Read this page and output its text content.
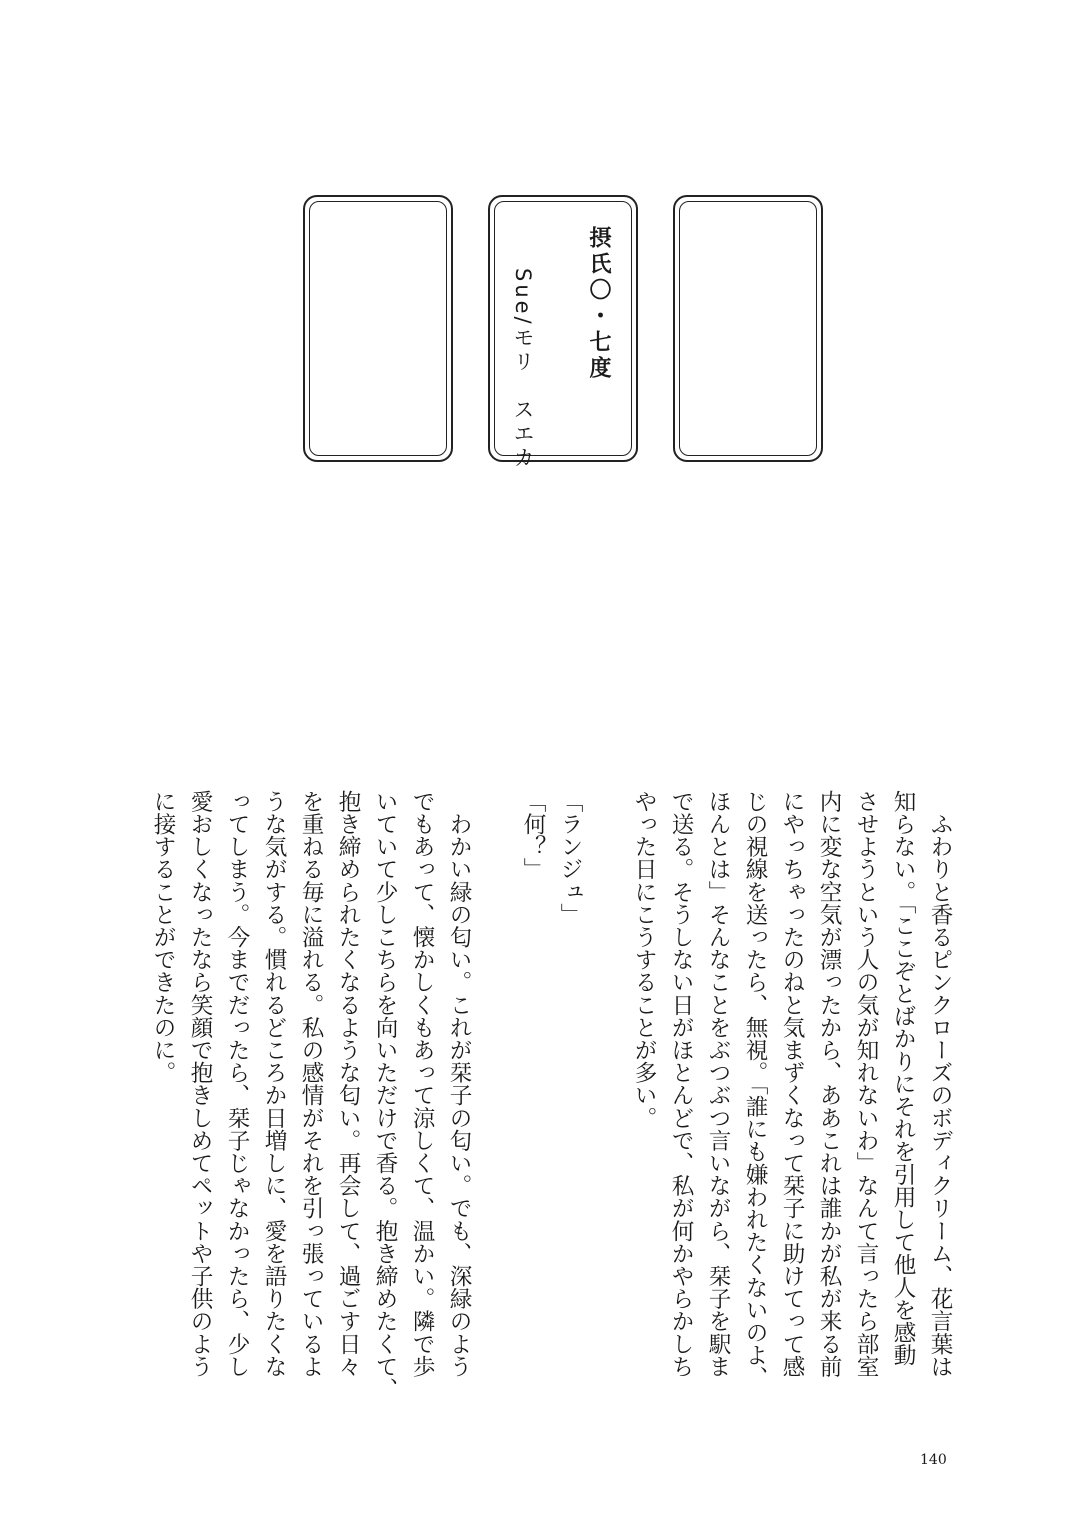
摂氏〇・七度
Sue/モリ　スエカ
　ふわりと香るピンクローズのボディクリーム、花言葉は
知らない。「ここぞとばかりにそれを引用して他人を感動
させようという人の気が知れないわ」なんて言ったら部室
内に変な空気が漂ったから、ああこれは誰かが私が来る前
にやっちゃったのねと気まずくなって栞子に助けてって感
じの視線を送ったら、無視。「誰にも嫌われたくないのよ、
ほんとは」そんなことをぶつぶつ言いながら、栞子を駅ま
で送る。そうしない日がほとんどで、私が何かやらかしち
やった日にこうすることが多い。
「ランジュ」
「何？」
　わかい緑の匂い。これが栞子の匂い。でも、深緑のよう
でもあって、懐かしくもあって涼しくて、温かい。隣で歩
いていて少しこちらを向いただけで香る。抱き締めたくて、
抱き締められたくなるような匂い。再会して、過ごす日々
を重ねる毎に溢れる。私の感情がそれを引っ張っているよ
うな気がする。慣れるどころか日増しに、愛を語りたくな
ってしまう。今までだったら、栞子じゃなかったら、少し
愛おしくなったなら笑顔で抱きしめてペットや子供のよう
に接することができたのに。
140
